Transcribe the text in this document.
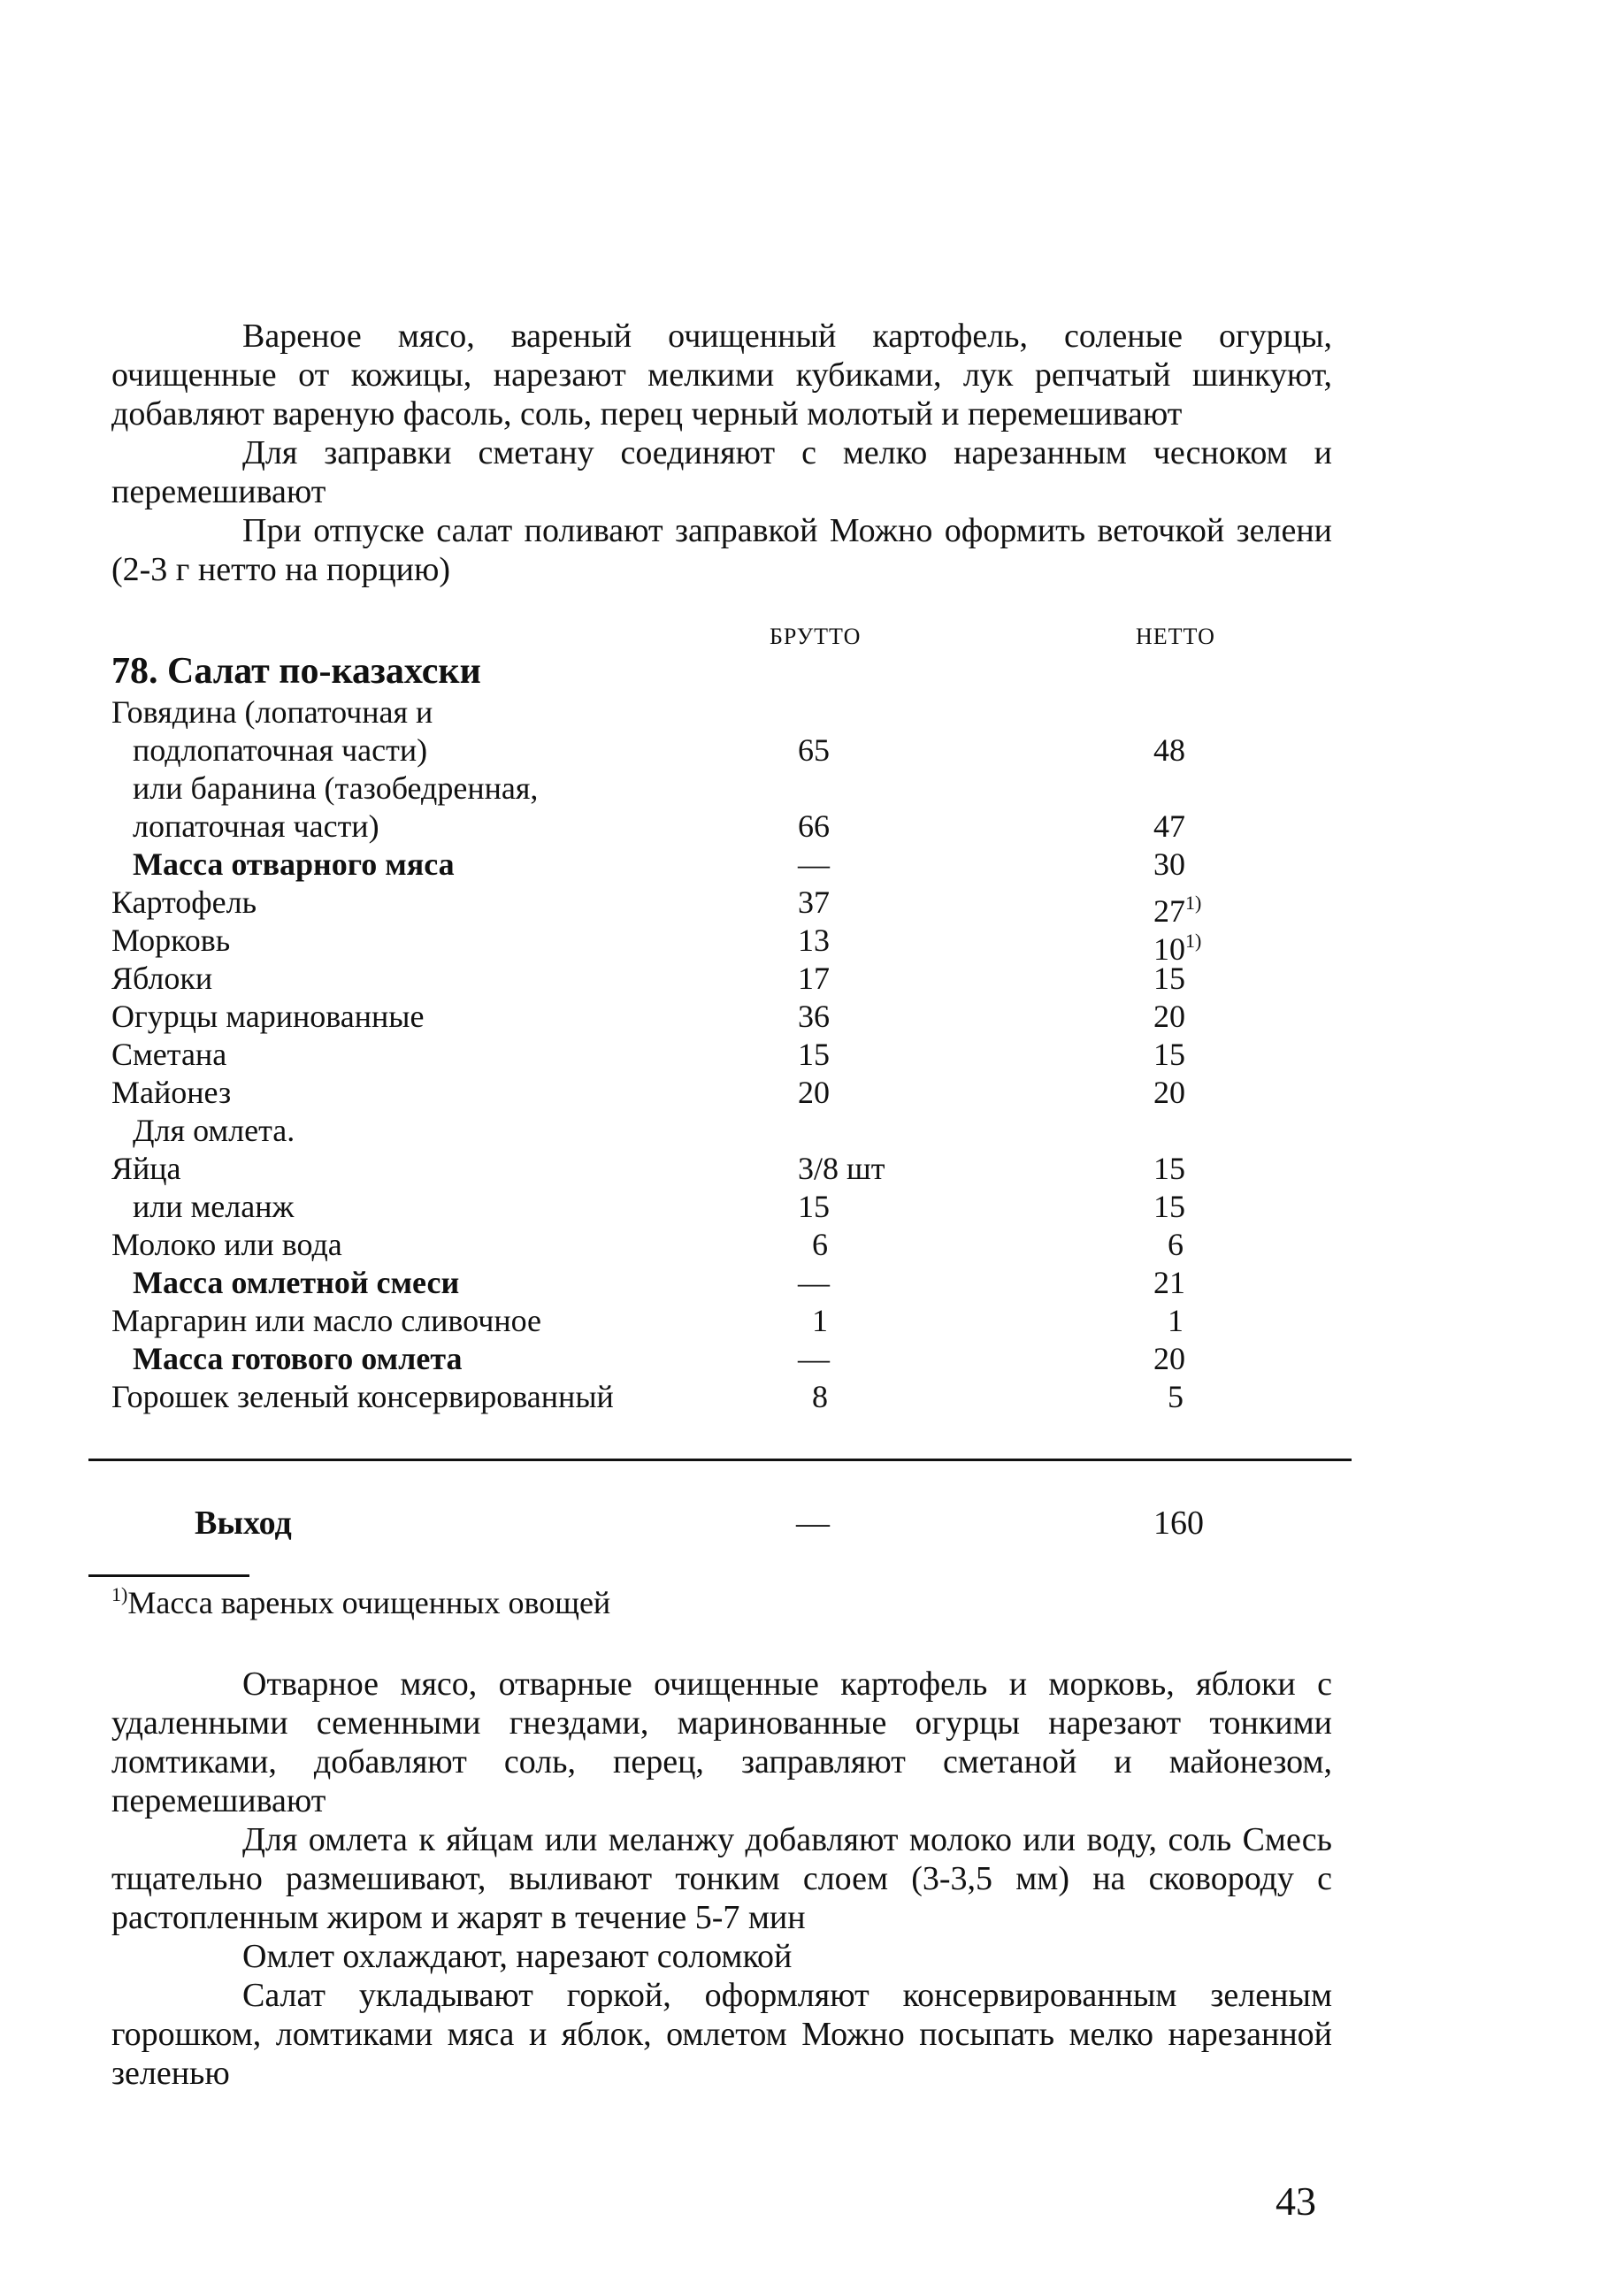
Вареное мясо, вареный очищенный картофель, соленые огурцы, очищенные от кожицы, нарезают мелкими кубиками, лук репчатый шинкуют, добавляют вареную фасоль, соль, перец черный молотый и перемешивают

Для заправки сметану соединяют с мелко нарезанным чесноком и перемешивают

При отпуске салат поливают заправкой Можно оформить веточкой зелени (2-3 г нетто на порцию)

БРУТТО	НЕТТО
78. Салат по-казахски
Говядина (лопаточная и
подлопаточная части)	65	48
или баранина (тазобедренная,
лопаточная части)	66	47
Масса отварного мяса	—	30
Картофель	37	27$^{1)}$
Морковь	13	10$^{1)}$
Яблоки	17	15
Огурцы маринованные	36	20
Сметана	15	15
Майонез	20	20
Для омлета.
Яйца	3/8 шт	15
или меланж	15	15
Молоко или вода	6	6
Масса омлетной смеси	—	21
Маргарин или масло сливочное	1	1
Масса готового омлета	—	20
Горошек зеленый консервированный	8	5
Выход	—	160
$^{1)}$Масса вареных очищенных овощей

Отварное мясо, отварные очищенные картофель и морковь, яблоки с удаленными семенными гнездами, маринованные огурцы нарезают тонкими ломтиками, добавляют соль, перец, заправляют сметаной и майонезом, перемешивают

Для омлета к яйцам или меланжу добавляют молоко или воду, соль Смесь тщательно размешивают, выливают тонким слоем (3-3,5 мм) на сковороду с растопленным жиром и жарят в течение 5-7 мин

Омлет охлаждают, нарезают соломкой

Салат укладывают горкой, оформляют консервированным зеленым горошком, ломтиками мяса и яблок, омлетом Можно посыпать мелко нарезанной зеленью

43
